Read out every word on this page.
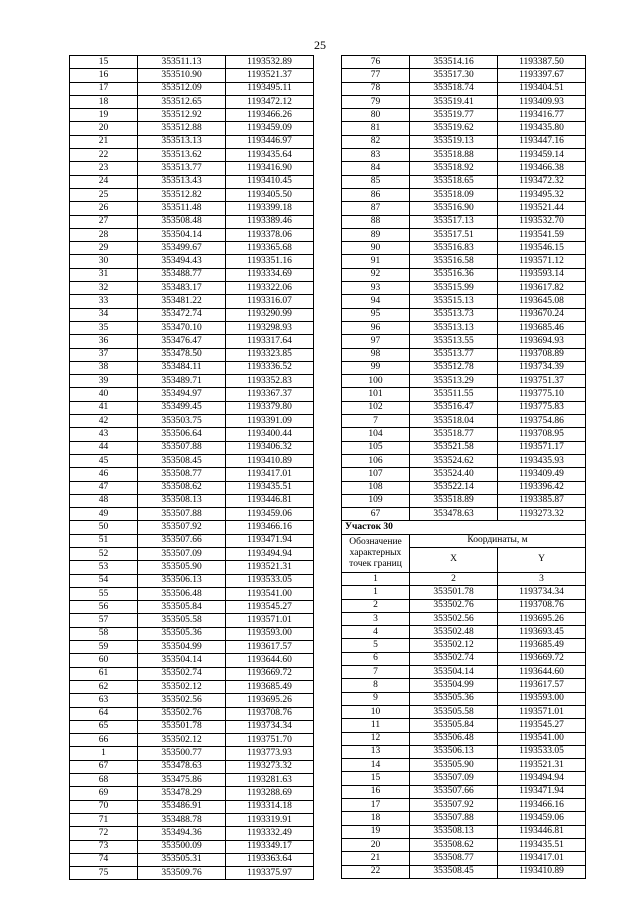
25
15	353511.13	1193532.89
16	353510.90	1193521.37
17	353512.09	1193495.11
18	353512.65	1193472.12
19	353512.92	1193466.26
20	353512.88	1193459.09
21	353513.13	1193446.97
22	353513.62	1193435.64
23	353513.77	1193416.90
24	353513.43	1193410.45
25	353512.82	1193405.50
26	353511.48	1193399.18
27	353508.48	1193389.46
28	353504.14	1193378.06
29	353499.67	1193365.68
30	353494.43	1193351.16
31	353488.77	1193334.69
32	353483.17	1193322.06
33	353481.22	1193316.07
34	353472.74	1193290.99
35	353470.10	1193298.93
36	353476.47	1193317.64
37	353478.50	1193323.85
38	353484.11	1193336.52
39	353489.71	1193352.83
40	353494.97	1193367.37
41	353499.45	1193379.80
42	353503.75	1193391.09
43	353506.64	1193400.44
44	353507.88	1193406.32
45	353508.45	1193410.89
46	353508.77	1193417.01
47	353508.62	1193435.51
48	353508.13	1193446.81
49	353507.88	1193459.06
50	353507.92	1193466.16
51	353507.66	1193471.94
52	353507.09	1193494.94
53	353505.90	1193521.31
54	353506.13	1193533.05
55	353506.48	1193541.00
56	353505.84	1193545.27
57	353505.58	1193571.01
58	353505.36	1193593.00
59	353504.99	1193617.57
60	353504.14	1193644.60
61	353502.74	1193669.72
62	353502.12	1193685.49
63	353502.56	1193695.26
64	353502.76	1193708.76
65	353501.78	1193734.34
66	353502.12	1193751.70
1	353500.77	1193773.93
67	353478.63	1193273.32
68	353475.86	1193281.63
69	353478.29	1193288.69
70	353486.91	1193314.18
71	353488.78	1193319.91
72	353494.36	1193332.49
73	353500.09	1193349.17
74	353505.31	1193363.64
75	353509.76	1193375.97
76	353514.16	1193387.50
77	353517.30	1193397.67
78	353518.74	1193404.51
79	353519.41	1193409.93
80	353519.77	1193416.77
81	353519.62	1193435.80
82	353519.13	1193447.16
83	353518.88	1193459.14
84	353518.92	1193466.38
85	353518.65	1193472.32
86	353518.09	1193495.32
87	353516.90	1193521.44
88	353517.13	1193532.70
89	353517.51	1193541.59
90	353516.83	1193546.15
91	353516.58	1193571.12
92	353516.36	1193593.14
93	353515.99	1193617.82
94	353515.13	1193645.08
95	353513.73	1193670.24
96	353513.13	1193685.46
97	353513.55	1193694.93
98	353513.77	1193708.89
99	353512.78	1193734.39
100	353513.29	1193751.37
101	353511.55	1193775.10
102	353516.47	1193775.83
7	353518.04	1193754.86
104	353518.77	1193708.95
105	353521.58	1193571.17
106	353524.62	1193435.93
107	353524.40	1193409.49
108	353522.14	1193396.42
109	353518.89	1193385.87
67	353478.63	1193273.32
Участок 30		
Обозначение характерных точек границ	Координаты, м	
	X	Y
1	2	3
1	353501.78	1193734.34
2	353502.76	1193708.76
3	353502.56	1193695.26
4	353502.48	1193693.45
5	353502.12	1193685.49
6	353502.74	1193669.72
7	353504.14	1193644.60
8	353504.99	1193617.57
9	353505.36	1193593.00
10	353505.58	1193571.01
11	353505.84	1193545.27
12	353506.48	1193541.00
13	353506.13	1193533.05
14	353505.90	1193521.31
15	353507.09	1193494.94
16	353507.66	1193471.94
17	353507.92	1193466.16
18	353507.88	1193459.06
19	353508.13	1193446.81
20	353508.62	1193435.51
21	353508.77	1193417.01
22	353508.45	1193410.89
